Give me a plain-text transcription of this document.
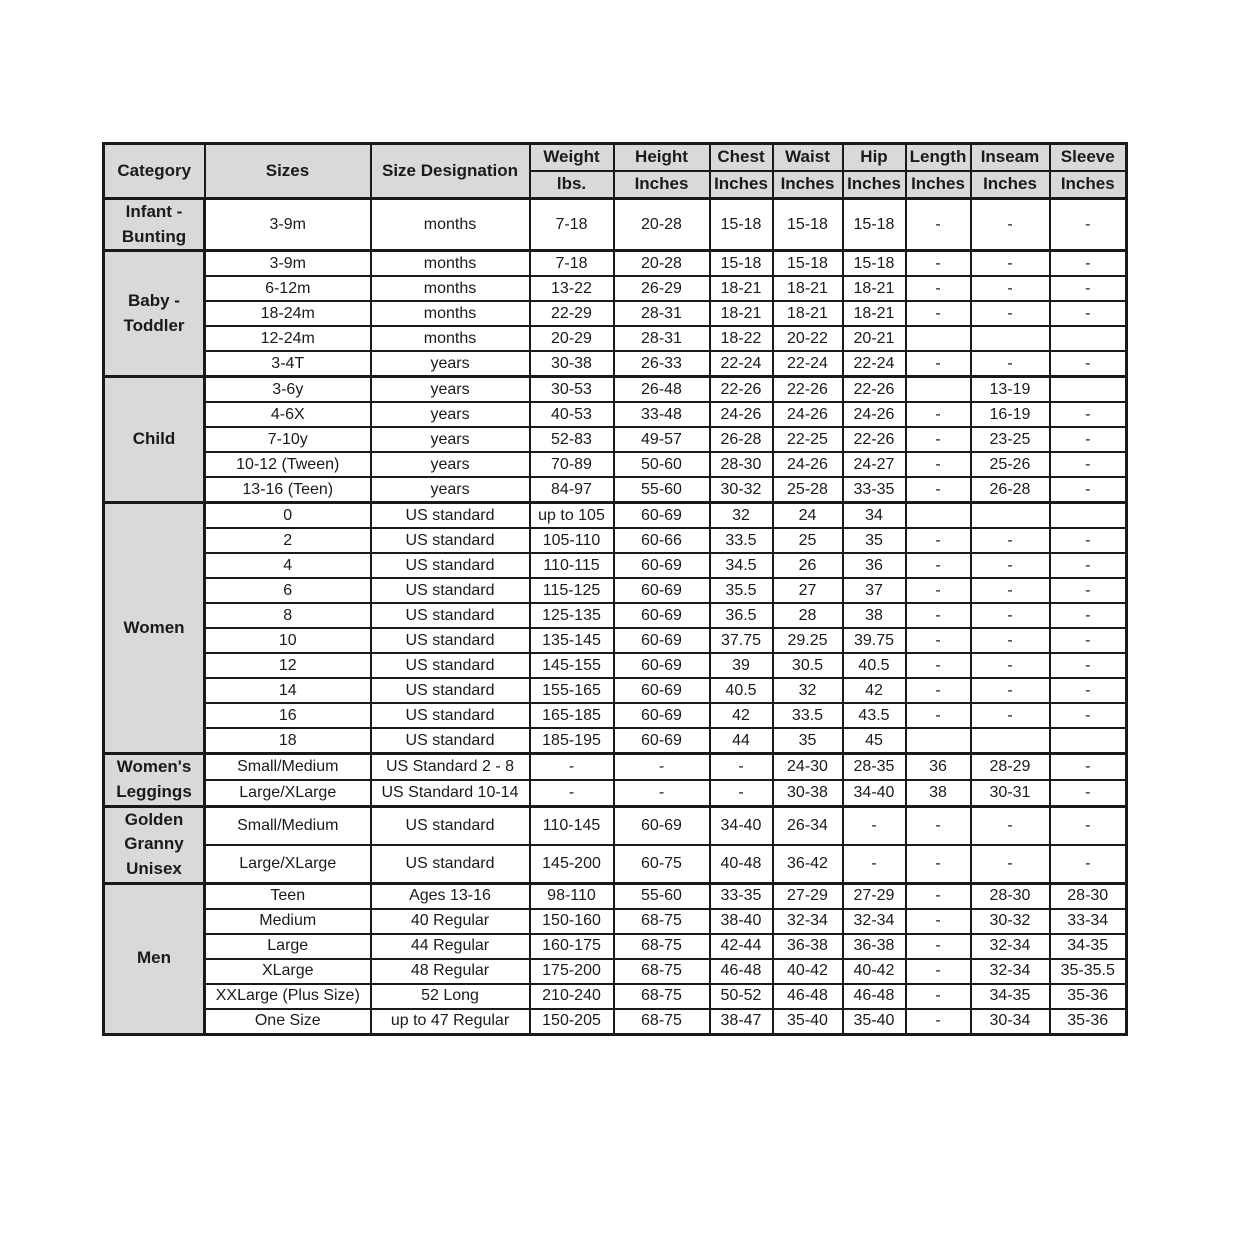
Category	Sizes	Size Designation	Weight	Height	Chest	Waist	Hip	Length	Inseam	Sleeve
			lbs.	Inches	Inches	Inches	Inches	Inches	Inches	Inches
Infant - Bunting	3-9m	months	7-18	20-28	15-18	15-18	15-18	-	-	-
Baby - Toddler	3-9m	months	7-18	20-28	15-18	15-18	15-18	-	-	-
	6-12m	months	13-22	26-29	18-21	18-21	18-21	-	-	-
	18-24m	months	22-29	28-31	18-21	18-21	18-21	-	-	-
	12-24m	months	20-29	28-31	18-22	20-22	20-21			
	3-4T	years	30-38	26-33	22-24	22-24	22-24	-	-	-
Child	3-6y	years	30-53	26-48	22-26	22-26	22-26		13-19	
	4-6X	years	40-53	33-48	24-26	24-26	24-26	-	16-19	-
	7-10y	years	52-83	49-57	26-28	22-25	22-26	-	23-25	-
	10-12 (Tween)	years	70-89	50-60	28-30	24-26	24-27	-	25-26	-
	13-16 (Teen)	years	84-97	55-60	30-32	25-28	33-35	-	26-28	-
Women	0	US standard	up to 105	60-69	32	24	34			
	2	US standard	105-110	60-66	33.5	25	35	-	-	-
	4	US standard	110-115	60-69	34.5	26	36	-	-	-
	6	US standard	115-125	60-69	35.5	27	37	-	-	-
	8	US standard	125-135	60-69	36.5	28	38	-	-	-
	10	US standard	135-145	60-69	37.75	29.25	39.75	-	-	-
	12	US standard	145-155	60-69	39	30.5	40.5	-	-	-
	14	US standard	155-165	60-69	40.5	32	42	-	-	-
	16	US standard	165-185	60-69	42	33.5	43.5	-	-	-
	18	US standard	185-195	60-69	44	35	45			
Women's Leggings	Small/Medium	US Standard 2 - 8	-	-	-	24-30	28-35	36	28-29	-
	Large/XLarge	US Standard 10-14	-	-	-	30-38	34-40	38	30-31	-
Golden Granny Unisex	Small/Medium	US standard	110-145	60-69	34-40	26-34	-	-	-	-
	Large/XLarge	US standard	145-200	60-75	40-48	36-42	-	-	-	-
Men	Teen	Ages 13-16	98-110	55-60	33-35	27-29	27-29	-	28-30	28-30
	Medium	40 Regular	150-160	68-75	38-40	32-34	32-34	-	30-32	33-34
	Large	44 Regular	160-175	68-75	42-44	36-38	36-38	-	32-34	34-35
	XLarge	48 Regular	175-200	68-75	46-48	40-42	40-42	-	32-34	35-35.5
	XXLarge (Plus Size)	52 Long	210-240	68-75	50-52	46-48	46-48	-	34-35	35-36
	One Size	up to 47 Regular	150-205	68-75	38-47	35-40	35-40	-	30-34	35-36
